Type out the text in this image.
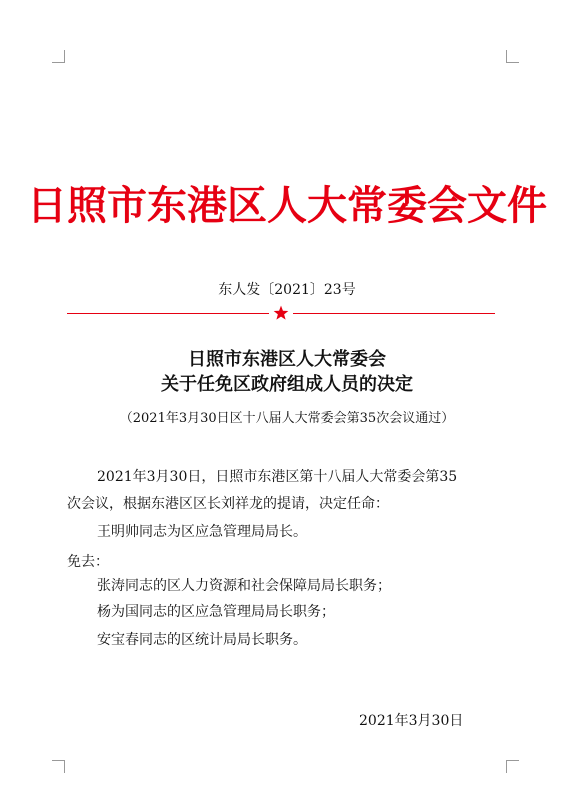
日照市东港区人大常委会文件
东人发〔2021〕23号
日照市东港区人大常委会
关于任免区政府组成人员的决定
（2021年3月30日区十八届人大常委会第35次会议通过）
2021年3月30日，日照市东港区第十八届人大常委会第35
次会议，根据东港区区长刘祥龙的提请，决定任命：
王明帅同志为区应急管理局局长。
免去：
张涛同志的区人力资源和社会保障局局长职务；
杨为国同志的区应急管理局局长职务；
安宝春同志的区统计局局长职务。
2021年3月30日
